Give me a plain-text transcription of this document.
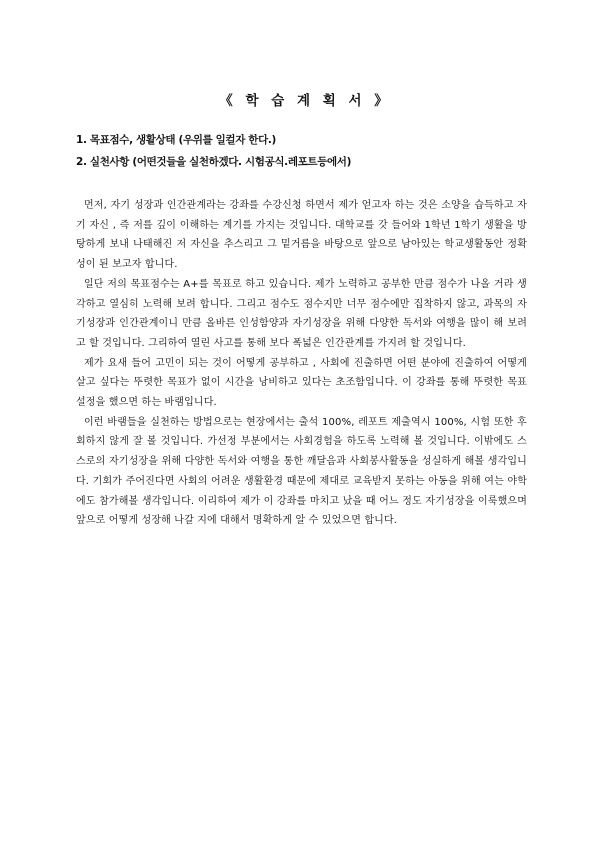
《 학 습 계 획 서 》
1. 목표점수, 생활상태 (우위를 일컬자 한다.)
2. 실천사항 (어떤것들을 실천하겠다. 시험공식.레포트등에서)

먼저, 자기 성장과 인간관계라는 강좌를 수강신청 하면서 제가 얻고자 하는 것은 소양을 습득하고 자기 자신 , 즉 저를 깊이 이해하는 계기를 가지는 것입니다. 대학교를 갓 들어와 1학년 1학기 생활을 방탕하게 보내 나태해진 저 자신을 추스리고 그 밑거름을 바탕으로 앞으로 남아있는 학교생활동안 정확성이 된 보고자 합니다.

일단 저의 목표점수는 A+를 목표로 하고 있습니다. 제가 노력하고 공부한 만큼 점수가 나올 거라 생각하고 열심히 노력해 보려 합니다. 그리고 점수도 점수지만 너무 점수에만 집착하지 않고, 과목의 자기성장과 인간관계이니 만큼 올바른 인성함양과 자기성장을 위해 다양한 독서와 여행을 많이 해 보려고 할 것입니다. 그리하여 열린 사고를 통해 보다 폭넓은 인간관계를 가지려 할 것입니다.

제가 요새 들어 고민이 되는 것이 어떻게 공부하고 , 사회에 진출하면 어떤 분야에 진출하여 어떻게 살고 싶다는 뚜렷한 목표가 없이 시간을 낭비하고 있다는 초조함입니다. 이 강좌를 통해 뚜렷한 목표 설정을 했으면 하는 바램입니다.

이런 바램들을 실천하는 방법으로는 현장에서는 출석 100%, 레포트 제출역시 100%, 시험 또한 후회하지 않게 잘 볼 것입니다. 가선정 부분에서는 사회경험을 하도록 노력해 볼 것입니다. 이밖에도 스스로의 자기성장을 위해 다양한 독서와 여행을 통한 깨달음과 사회봉사활동을 성실하게 해볼 생각입니다. 기회가 주어진다면 사회의 어려운 생활환경 때문에 제대로 교육받지 못하는 아동을 위해 여는 야학에도 참가해볼 생각입니다. 이리하여 제가 이 강좌를 마치고 났을 때 어느 정도 자기성장을 이룩했으며 앞으로 어떻게 성장해 나갈 지에 대해서 명확하게 알 수 있었으면 합니다.
